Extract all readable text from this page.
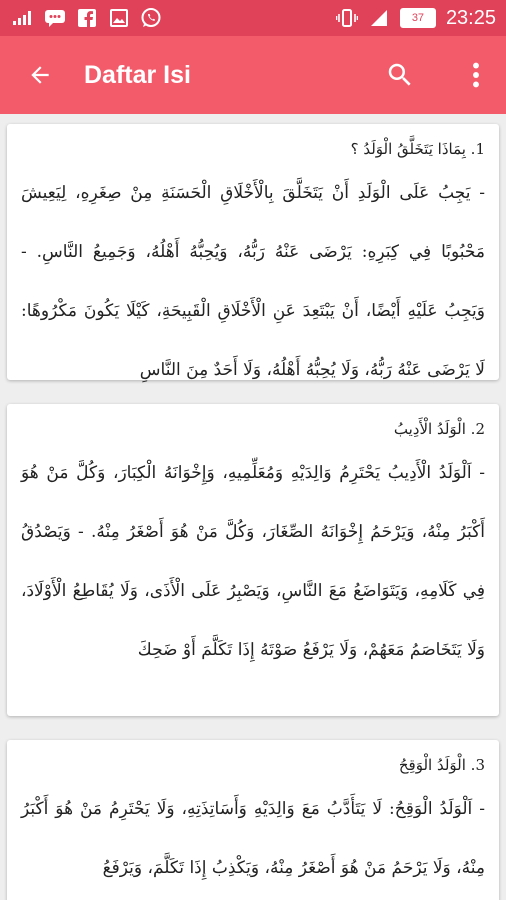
37	23:25
Daftar Isi
1. بِمَاذَا يَتَخَلَّقُ الْوَلَدُ ؟

- يَجِبُ عَلَى الْوَلَدِ أَنْ يَتَخَلَّقَ بِالْأَخْلَاقِ الْحَسَنَةِ مِنْ صِغَرِهِ، لِيَعِيشَ مَحْبُوبًا فِي كِبَرِهِ: يَرْضَى عَنْهُ رَبُّهُ، وَيُحِبُّهُ أَهْلُهُ، وَجَمِيعُ النَّاسِ. - وَيَجِبُ عَلَيْهِ أَيْضًا، أَنْ يَبْتَعِدَ عَنِ الْأَخْلَاقِ الْقَبِيحَةِ، كَيْلَا يَكُونَ مَكْرُوهًا: لَا يَرْضَى عَنْهُ رَبُّهُ، وَلَا يُحِبُّهُ أَهْلُهُ، وَلَا أَحَدٌ مِنَ النَّاسِ

2. الْوَلَدُ الْأَدِيبُ

- اَلْوَلَدُ الْأَدِيبُ يَحْتَرِمُ وَالِدَيْهِ وَمُعَلِّمِيهِ، وَإِخْوَانَهُ الْكِبَارَ، وَكُلَّ مَنْ هُوَ أَكْبَرُ مِنْهُ، وَيَرْحَمُ إِخْوَانَهُ الصِّغَارَ، وَكُلَّ مَنْ هُوَ أَصْغَرُ مِنْهُ. - وَيَصْدُقُ فِي كَلَامِهِ، وَيَتَوَاضَعُ مَعَ النَّاسِ، وَيَصْبِرُ عَلَى الْأَذَى، وَلَا يُقَاطِعُ الْأَوْلَادَ، وَلَا يَتَخَاصَمُ مَعَهُمْ، وَلَا يَرْفَعُ صَوْتَهُ إِذَا تَكَلَّمَ أَوْ ضَحِكَ

3. الْوَلَدُ الْوَقِحُ

- اَلْوَلَدُ الْوَقِحُ: لَا يَتَأَدَّبُ مَعَ وَالِدَيْهِ وَأَسَاتِذَتِهِ، وَلَا يَحْتَرِمُ مَنْ هُوَ أَكْبَرُ مِنْهُ، وَلَا يَرْحَمُ مَنْ هُوَ أَصْغَرُ مِنْهُ، وَيَكْذِبُ إِذَا تَكَلَّمَ، وَيَرْفَعُ
